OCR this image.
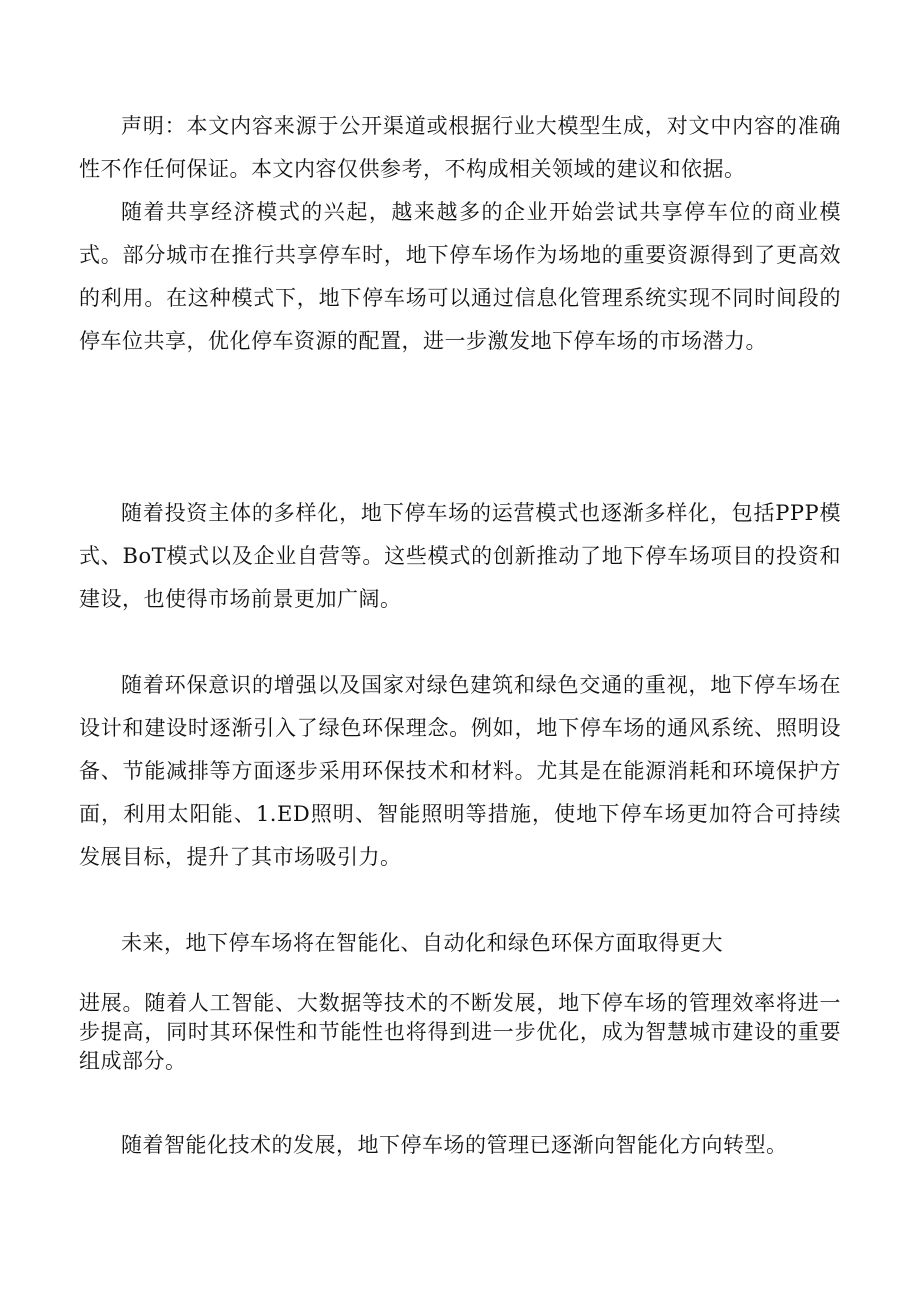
声明：本文内容来源于公开渠道或根据行业大模型生成，对文中内容的准确性不作任何保证。本文内容仅供参考，不构成相关领域的建议和依据。

随着共享经济模式的兴起，越来越多的企业开始尝试共享停车位的商业模式。部分城市在推行共享停车时，地下停车场作为场地的重要资源得到了更高效的利用。在这种模式下，地下停车场可以通过信息化管理系统实现不同时间段的停车位共享，优化停车资源的配置，进一步激发地下停车场的市场潜力。

随着投资主体的多样化，地下停车场的运营模式也逐渐多样化，包括PPP模式、BoT模式以及企业自营等。这些模式的创新推动了地下停车场项目的投资和建设，也使得市场前景更加广阔。

随着环保意识的增强以及国家对绿色建筑和绿色交通的重视，地下停车场在设计和建设时逐渐引入了绿色环保理念。例如，地下停车场的通风系统、照明设备、节能减排等方面逐步采用环保技术和材料。尤其是在能源消耗和环境保护方面，利用太阳能、1.ED照明、智能照明等措施，使地下停车场更加符合可持续发展目标，提升了其市场吸引力。

未来，地下停车场将在智能化、自动化和绿色环保方面取得更大

进展。随着人工智能、大数据等技术的不断发展，地下停车场的管理效率将进一步提高，同时其环保性和节能性也将得到进一步优化，成为智慧城市建设的重要组成部分。

随着智能化技术的发展，地下停车场的管理已逐渐向智能化方向转型。
